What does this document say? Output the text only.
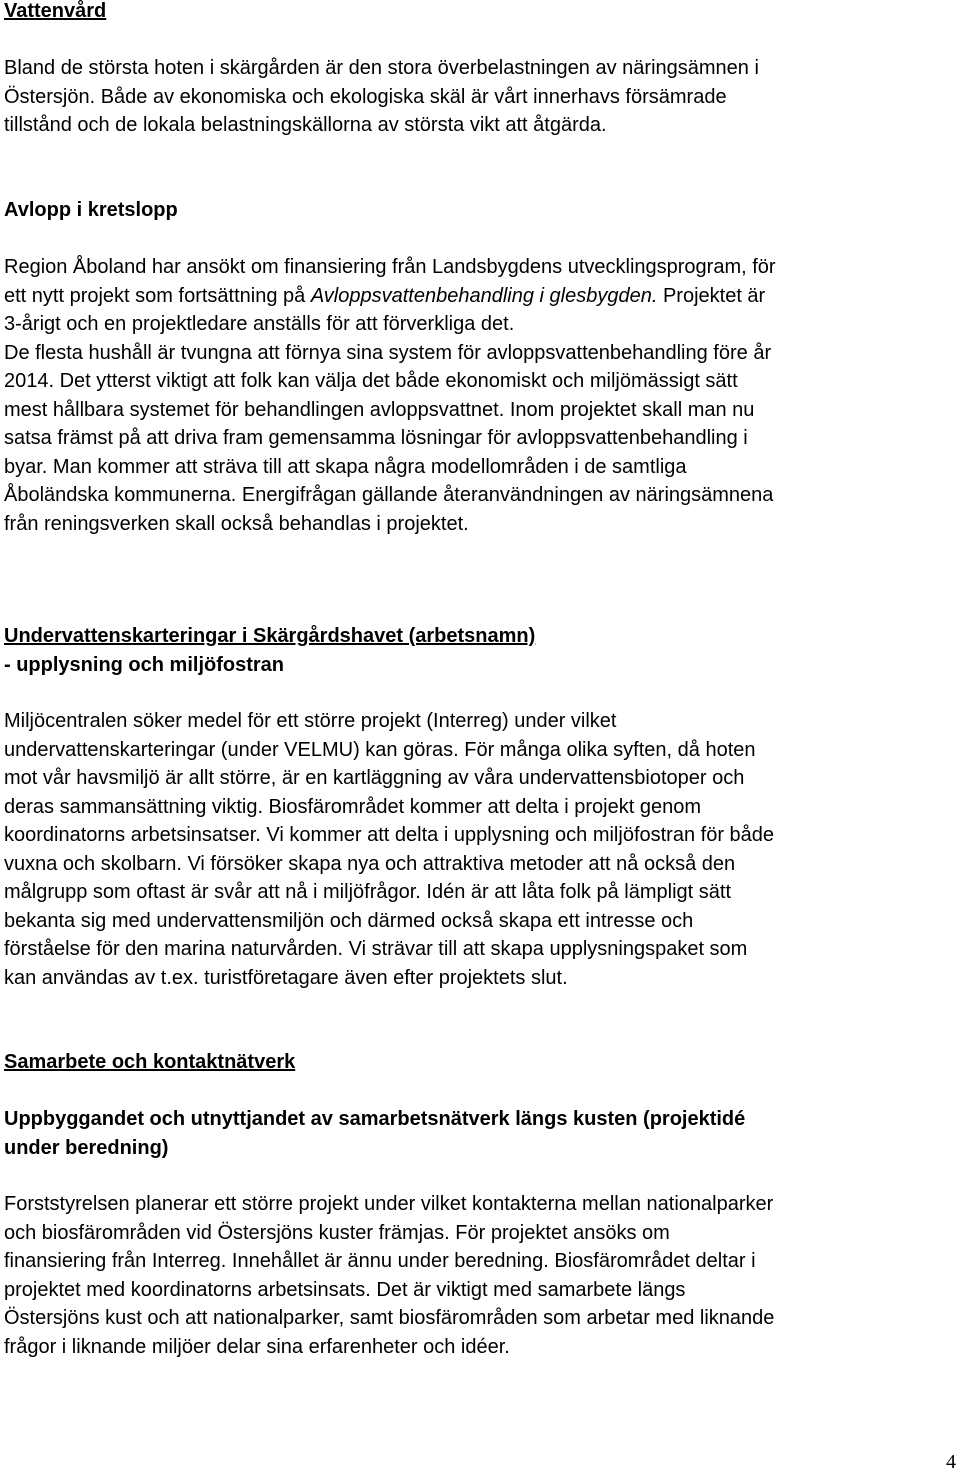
Vattenvård
Bland de största hoten i skärgården är den stora överbelastningen av näringsämnen i
Östersjön. Både av ekonomiska och ekologiska skäl är vårt innerhavs försämrade
tillstånd och de lokala belastningskällorna av största vikt att åtgärda.
Avlopp i kretslopp
Region Åboland har ansökt om finansiering från Landsbygdens utvecklingsprogram, för
ett nytt projekt som fortsättning på Avloppsvattenbehandling i glesbygden. Projektet är
3-årigt och en projektledare anställs för att förverkliga det.
De flesta hushåll är tvungna att förnya sina system för avloppsvattenbehandling före år
2014. Det ytterst viktigt att folk kan välja det både ekonomiskt och miljömässigt sätt
mest hållbara systemet för behandlingen avloppsvattnet. Inom projektet skall man nu
satsa främst på att driva fram gemensamma lösningar för avloppsvattenbehandling i
byar. Man kommer att sträva till att skapa några modellområden i de samtliga
Åboländska kommunerna. Energifrågan gällande återanvändningen av näringsämnena
från reningsverken skall också behandlas i projektet.
Undervattenskarteringar i Skärgårdshavet (arbetsnamn)
- upplysning och miljöfostran
Miljöcentralen söker medel för ett större projekt (Interreg) under vilket
undervattenskarteringar (under VELMU) kan göras. För många olika syften, då hoten
mot vår havsmiljö är allt större, är en kartläggning av våra undervattensbiotoper och
deras sammansättning viktig. Biosfärområdet kommer att delta i projekt genom
koordinatorns arbetsinsatser. Vi kommer att delta i upplysning och miljöfostran för både
vuxna och skolbarn. Vi försöker skapa nya och attraktiva metoder att nå också den
målgrupp som oftast är svår att nå i miljöfrågor. Idén är att låta folk på lämpligt sätt
bekanta sig med undervattensmiljön och därmed också skapa ett intresse och
förståelse för den marina naturvården. Vi strävar till att skapa upplysningspaket som
kan användas av t.ex. turistföretagare även efter projektets slut.
Samarbete och kontaktnätverk
Uppbyggandet och utnyttjandet av samarbetsnätverk längs kusten (projektidé
under beredning)
Forststyrelsen planerar ett större projekt under vilket kontakterna mellan nationalparker
och biosfärområden vid Östersjöns kuster främjas. För projektet ansöks om
finansiering från Interreg. Innehållet är ännu under beredning. Biosfärområdet deltar i
projektet med koordinatorns arbetsinsats. Det är viktigt med samarbete längs
Östersjöns kust och att nationalparker, samt biosfärområden som arbetar med liknande
frågor i liknande miljöer delar sina erfarenheter och idéer.
4
